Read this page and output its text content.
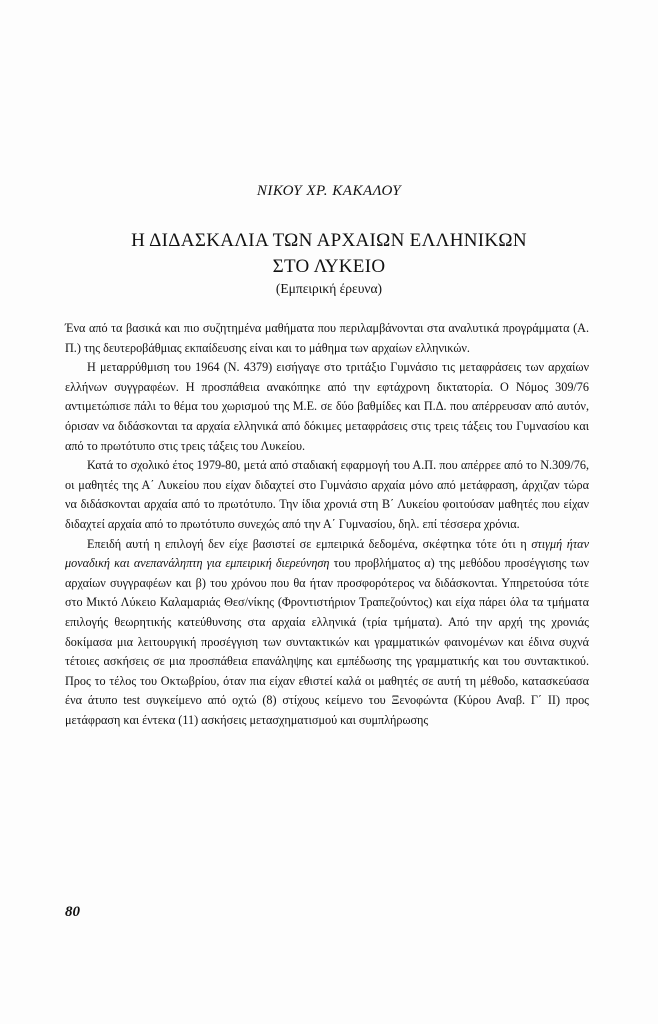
ΝΙΚΟΥ ΧΡ. ΚΑΚΑΛΟΥ
Η ΔΙΔΑΣΚΑΛΙΑ ΤΩΝ ΑΡΧΑΙΩΝ ΕΛΛΗΝΙΚΩΝ
ΣΤΟ ΛΥΚΕΙΟ
(Εμπειρική έρευνα)

Ένα από τα βασικά και πιο συζητημένα μαθήματα που περιλαμβάνονται στα αναλυτικά προγράμματα (Α. Π.) της δευτεροβάθμιας εκπαίδευσης είναι και το μάθημα των αρχαίων ελληνικών.

Η μεταρρύθμιση του 1964 (Ν. 4379) εισήγαγε στο τριτάξιο Γυμνάσιο τις μεταφράσεις των αρχαίων ελλήνων συγγραφέων. Η προσπάθεια ανακόπηκε από την εφτάχρονη δικτατορία. Ο Νόμος 309/76 αντιμετώπισε πάλι το θέμα του χωρισμού της Μ.Ε. σε δύο βαθμίδες και Π.Δ. που απέρρευσαν από αυτόν, όρισαν να διδάσκονται τα αρχαία ελληνικά από δόκιμες μεταφράσεις στις τρεις τάξεις του Γυμνασίου και από το πρωτότυπο στις τρεις τάξεις του Λυκείου.

Κατά το σχολικό έτος 1979-80, μετά από σταδιακή εφαρμογή του Α.Π. που απέρρεε από το Ν.309/76, οι μαθητές της Α΄ Λυκείου που είχαν διδαχτεί στο Γυμνάσιο αρχαία μόνο από μετάφραση, άρχιζαν τώρα να διδάσκονται αρχαία από το πρωτότυπο. Την ίδια χρονιά στη Β΄ Λυκείου φοιτούσαν μαθητές που είχαν διδαχτεί αρχαία από το πρωτότυπο συνεχώς από την Α΄ Γυμνασίου, δηλ. επί τέσσερα χρόνια.

Επειδή αυτή η επιλογή δεν είχε βασιστεί σε εμπειρικά δεδομένα, σκέφτηκα τότε ότι η στιγμή ήταν μοναδική και ανεπανάληπτη για εμπειρική διερεύνηση του προβλήματος α) της μεθόδου προσέγγισης των αρχαίων συγγραφέων και β) του χρόνου που θα ήταν προσφορότερος να διδάσκονται. Υπηρετούσα τότε στο Μικτό Λύκειο Καλαμαριάς Θεσ/νίκης (Φροντιστήριον Τραπεζούντος) και είχα πάρει όλα τα τμήματα επιλογής θεωρητικής κατεύθυνσης στα αρχαία ελληνικά (τρία τμήματα). Από την αρχή της χρονιάς δοκίμασα μια λειτουργική προσέγγιση των συντακτικών και γραμματικών φαινομένων και έδινα συχνά τέτοιες ασκήσεις σε μια προσπάθεια επανάληψης και εμπέδωσης της γραμματικής και του συντακτικού. Προς το τέλος του Οκτωβρίου, όταν πια είχαν εθιστεί καλά οι μαθητές σε αυτή τη μέθοδο, κατασκεύασα ένα άτυπο test συγκείμενο από οχτώ (8) στίχους κείμενο του Ξενοφώντα (Κύρου Αναβ. Γ΄ ΙΙ) προς μετάφραση και έντεκα (11) ασκήσεις μετασχηματισμού και συμπλήρωσης

80
